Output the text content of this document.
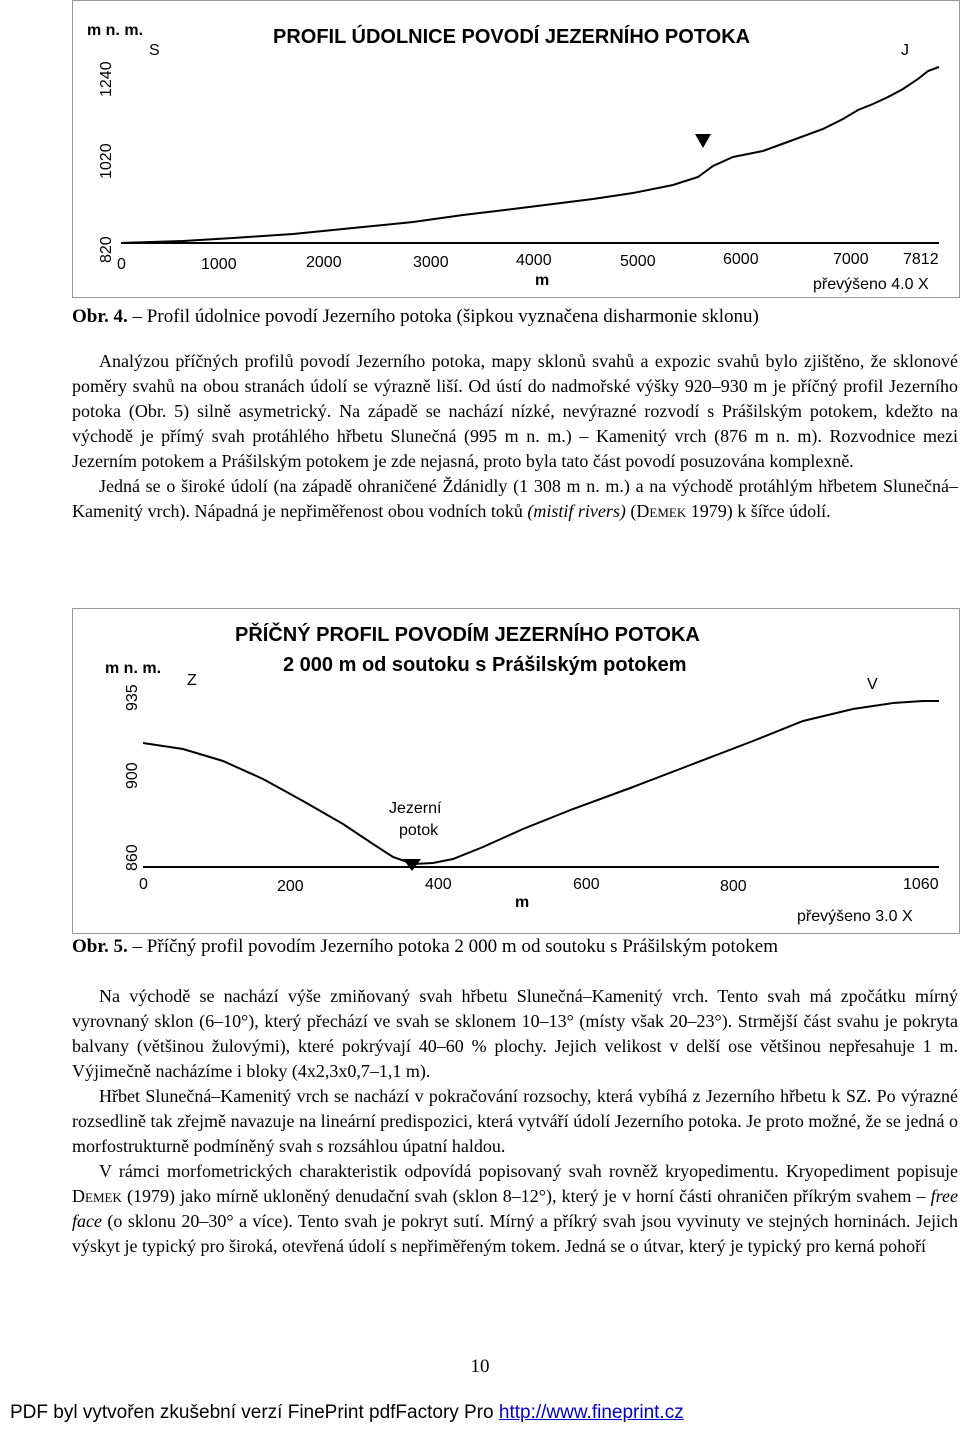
PROFIL ÚDOLNICE POVODÍ JEZERNÍHO POTOKA
m n. m.
S	J
1240
1020
820
0	1000	2000	3000	4000	5000	6000	7000 7812
m	převýšeno 4.0 X
Obr. 4. – Profil údolnice povodí Jezerního potoka (šipkou vyznačena disharmonie sklonu)

Analýzou příčných profilů povodí Jezerního potoka, mapy sklonů svahů a expozic svahů bylo zjištěno, že sklonové poměry svahů na obou stranách údolí se výrazně liší. Od ústí do nadmořské výšky 920–930 m je příčný profil Jezerního potoka (Obr. 5) silně asymetrický. Na západě se nachází nízké, nevýrazné rozvodí s Prášilským potokem, kdežto na východě je přímý svah protáhlého hřbetu Slunečná (995 m n. m.) – Kamenitý vrch (876 m n. m). Rozvodnice mezi Jezerním potokem a Prášilským potokem je zde nejasná, proto byla tato část povodí posuzována komplexně.

Jedná se o široké údolí (na západě ohraničené Ždánidly (1 308 m n. m.) a na východě protáhlým hřbetem Slunečná–Kamenitý vrch). Nápadná je nepřiměřenost obou vodních toků (mistif rivers) (Demek 1979) k šířce údolí.

PŘÍČNÝ PROFIL POVODÍM JEZERNÍHO POTOKA
2 000 m od soutoku s Prášilským potokem
m n. m.
Z	V
935
900
860
Jezerní
potok
0	200	400	600	800	1060
m
převýšeno 3.0 X
Obr. 5. – Příčný profil povodím Jezerního potoka 2 000 m od soutoku s Prášilským potokem

Na východě se nachází výše zmiňovaný svah hřbetu Slunečná–Kamenitý vrch. Tento svah má zpočátku mírný vyrovnaný sklon (6–10°), který přechází ve svah se sklonem 10–13° (místy však 20–23°). Strmější část svahu je pokryta balvany (většinou žulovými), které pokrývají 40–60 % plochy. Jejich velikost v delší ose většinou nepřesahuje 1 m. Výjimečně nacházíme i bloky (4x2,3x0,7–1,1 m).

Hřbet Slunečná–Kamenitý vrch se nachází v pokračování rozsochy, která vybíhá z Jezerního hřbetu k SZ. Po výrazné rozsedlině tak zřejmě navazuje na lineární predispozici, která vytváří údolí Jezerního potoka. Je proto možné, že se jedná o morfostrukturně podmíněný svah s rozsáhlou úpatní haldou.

V rámci morfometrických charakteristik odpovídá popisovaný svah rovněž kryopedimentu. Kryopediment popisuje Demek (1979) jako mírně ukloněný denudační svah (sklon 8–12°), který je v horní části ohraničen příkrým svahem – free face (o sklonu 20–30° a více). Tento svah je pokryt sutí. Mírný a příkrý svah jsou vyvinuty ve stejných horninách. Jejich výskyt je typický pro široká, otevřená údolí s nepřiměřeným tokem. Jedná se o útvar, který je typický pro kerná pohoří

10
PDF byl vytvořen zkušební verzí FinePrint pdfFactory Pro http://www.fineprint.cz
